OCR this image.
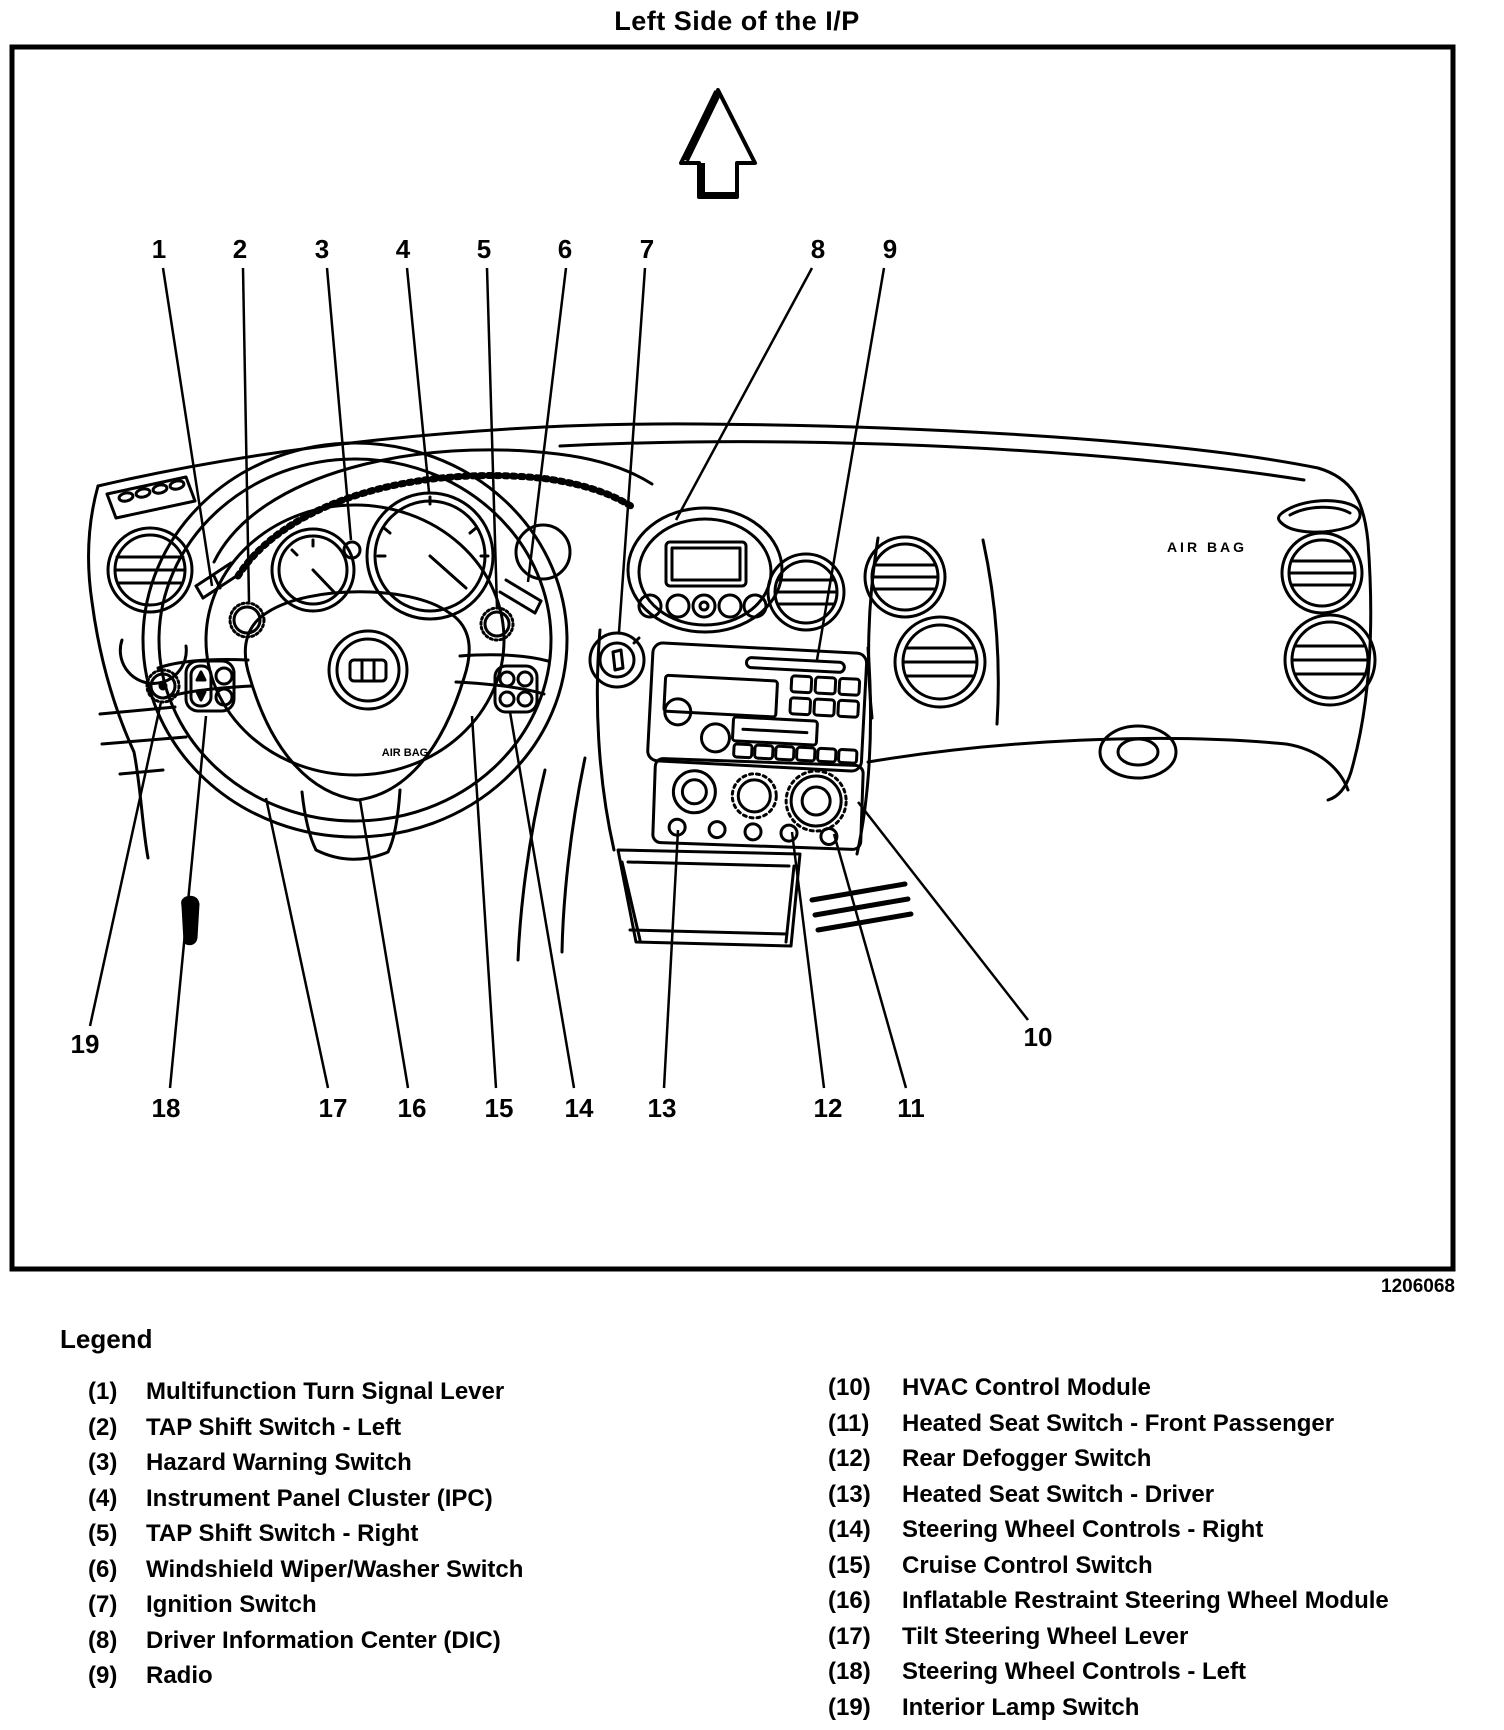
Left Side of the I/P
AIR BAG
AIR BAG
1	2	3	4	5	6	7	8 9
10
11
12
13
14
15
16
17
18
19
1206068
Legend
(1)	Multifunction Turn Signal Lever
(2)	TAP Shift Switch - Left
(3)	Hazard Warning Switch
(4)	Instrument Panel Cluster (IPC)
(5)	TAP Shift Switch - Right
(6)	Windshield Wiper/Washer Switch
(7)	Ignition Switch
(8)	Driver Information Center (DIC)
(9)	Radio
(10)	HVAC Control Module
(11)	Heated Seat Switch - Front Passenger
(12)	Rear Defogger Switch
(13)	Heated Seat Switch - Driver
(14)	Steering Wheel Controls - Right
(15)	Cruise Control Switch
(16)	Inflatable Restraint Steering Wheel Module
(17)	Tilt Steering Wheel Lever
(18)	Steering Wheel Controls - Left
(19)	Interior Lamp Switch
